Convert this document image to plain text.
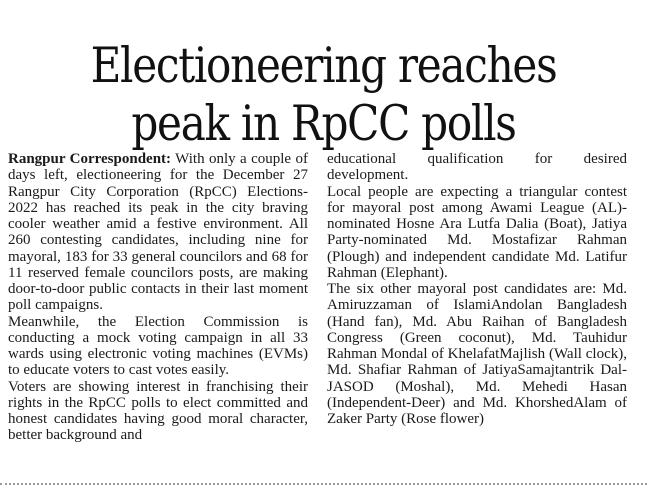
Electioneering reaches
peak in RpCC polls

Rangpur Correspondent: With only a couple of days left, electioneering for the December 27 Rangpur City Corporation (RpCC) Elections- 2022 has reached its peak in the city braving cooler weather amid a festive environment. All 260 contesting candidates, including nine for mayoral, 183 for 33 general councilors and 68 for 11 reserved female councilors posts, are making door-to-door public contacts in their last moment poll campaigns.

Meanwhile, the Election Commission is conducting a mock voting campaign in all 33 wards using electronic voting machines (EVMs) to educate voters to cast votes easily.

Voters are showing interest in franchising their rights in the RpCC polls to elect committed and honest candidates having good moral character, better background and

educational qualification for desired development.

Local people are expecting a triangular contest for mayoral post among Awami League (AL)-nominated Hosne Ara Lutfa Dalia (Boat), Jatiya Party-nominated Md. Mostafizar Rahman (Plough) and independent candidate Md. Latifur Rahman (Elephant).

The six other mayoral post candidates are: Md. Amiruzzaman of IslamiAndolan Bangladesh (Hand fan), Md. Abu Raihan of Bangladesh Congress (Green coconut), Md. Tauhidur Rahman Mondal of KhelafatMajlish (Wall clock), Md. Shafiar Rahman of JatiyaSamajtantrik Dal- JASOD (Moshal), Md. Mehedi Hasan (Independent-Deer) and Md. KhorshedAlam of Zaker Party (Rose flower)
